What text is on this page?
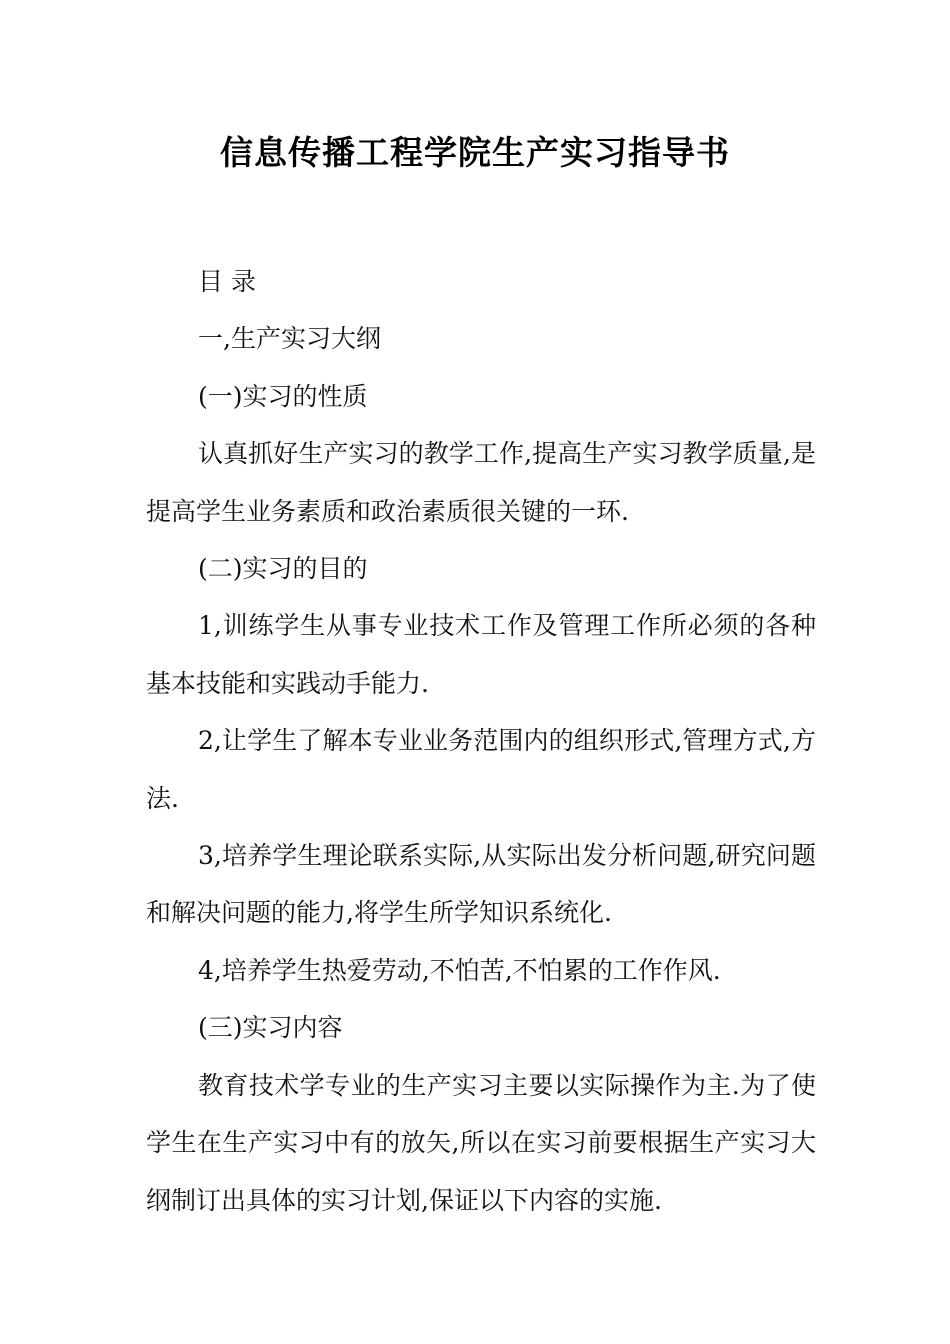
信息传播工程学院生产实习指导书

目 录

一,生产实习大纲

(一)实习的性质

认真抓好生产实习的教学工作,提高生产实习教学质量,是提高学生业务素质和政治素质很关键的一环.

(二)实习的目的

1,训练学生从事专业技术工作及管理工作所必须的各种基本技能和实践动手能力.

2,让学生了解本专业业务范围内的组织形式,管理方式,方法.

3,培养学生理论联系实际,从实际出发分析问题,研究问题和解决问题的能力,将学生所学知识系统化.

4,培养学生热爱劳动,不怕苦,不怕累的工作作风.

(三)实习内容

教育技术学专业的生产实习主要以实际操作为主.为了使学生在生产实习中有的放矢,所以在实习前要根据生产实习大纲制订出具体的实习计划,保证以下内容的实施.
